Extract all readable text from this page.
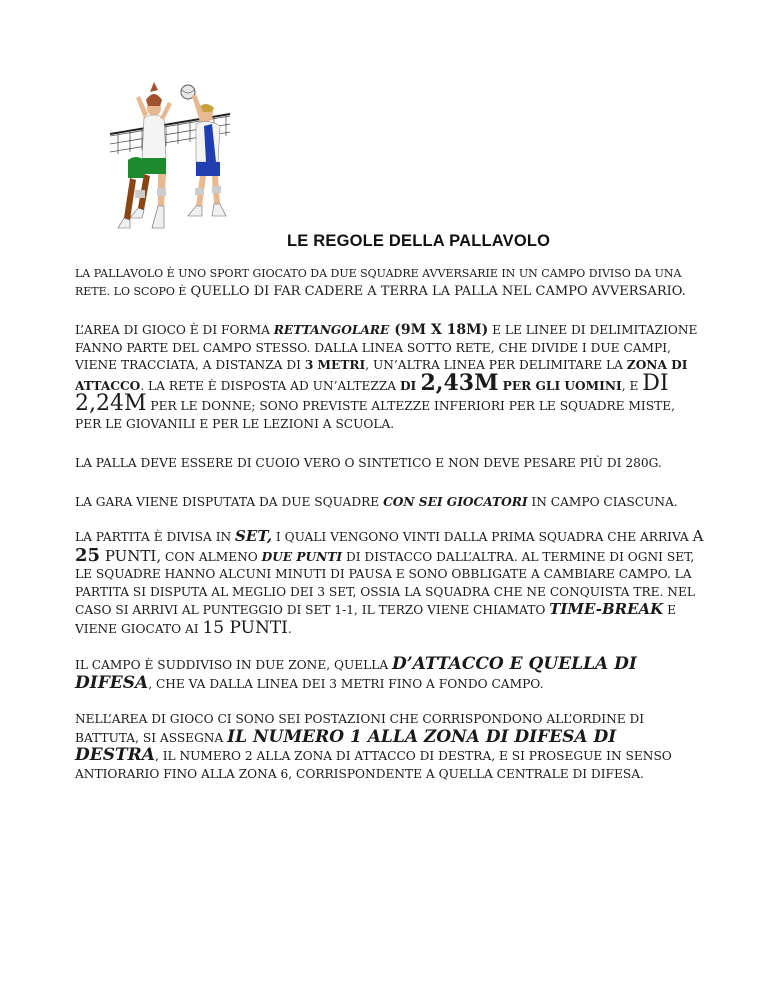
LE REGOLE DELLA PALLAVOLO

LA PALLAVOLO È UNO SPORT GIOCATO DA DUE SQUADRE AVVERSARIE IN UN CAMPO DIVISO DA UNA RETE. LO SCOPO È QUELLO DI FAR CADERE A TERRA LA PALLA NEL CAMPO AVVERSARIO.

L’AREA DI GIOCO È DI FORMA RETTANGOLARE (9M X 18M) E LE LINEE DI DELIMITAZIONE FANNO PARTE DEL CAMPO STESSO. DALLA LINEA SOTTO RETE, CHE DIVIDE I DUE CAMPI, VIENE TRACCIATA, A DISTANZA DI 3 METRI, UN’ALTRA LINEA PER DELIMITARE LA ZONA DI ATTACCO. LA RETE È DISPOSTA AD UN’ALTEZZA DI 2,43M PER GLI UOMINI, E DI 2,24M PER LE DONNE; SONO PREVISTE ALTEZZE INFERIORI PER LE SQUADRE MISTE, PER LE GIOVANILI E PER LE LEZIONI A SCUOLA.

LA PALLA DEVE ESSERE DI CUOIO VERO O SINTETICO E NON DEVE PESARE PIÙ DI 280G.

LA GARA VIENE DISPUTATA DA DUE SQUADRE CON SEI GIOCATORI IN CAMPO CIASCUNA.

LA PARTITA È DIVISA IN SET, I QUALI VENGONO VINTI DALLA PRIMA SQUADRA CHE ARRIVA A 25 PUNTI, CON ALMENO DUE PUNTI DI DISTACCO DALL’ALTRA. AL TERMINE DI OGNI SET, LE SQUADRE HANNO ALCUNI MINUTI DI PAUSA E SONO OBBLIGATE A CAMBIARE CAMPO. LA PARTITA SI DISPUTA AL MEGLIO DEI 3 SET, OSSIA LA SQUADRA CHE NE CONQUISTA TRE. NEL CASO SI ARRIVI AL PUNTEGGIO DI SET 1-1, IL TERZO VIENE CHIAMATO TIME-BREAK E VIENE GIOCATO AI 15 PUNTI.

IL CAMPO È SUDDIVISO IN DUE ZONE, QUELLA D’ATTACCO E QUELLA DI DIFESA, CHE VA DALLA LINEA DEI 3 METRI FINO A FONDO CAMPO.

NELL’AREA DI GIOCO CI SONO SEI POSTAZIONI CHE CORRISPONDONO ALL’ORDINE DI BATTUTA, SI ASSEGNA IL NUMERO 1 ALLA ZONA DI DIFESA DI DESTRA, IL NUMERO 2 ALLA ZONA DI ATTACCO DI DESTRA, E SI PROSEGUE IN SENSO ANTIORARIO FINO ALLA ZONA 6, CORRISPONDENTE A QUELLA CENTRALE DI DIFESA.
